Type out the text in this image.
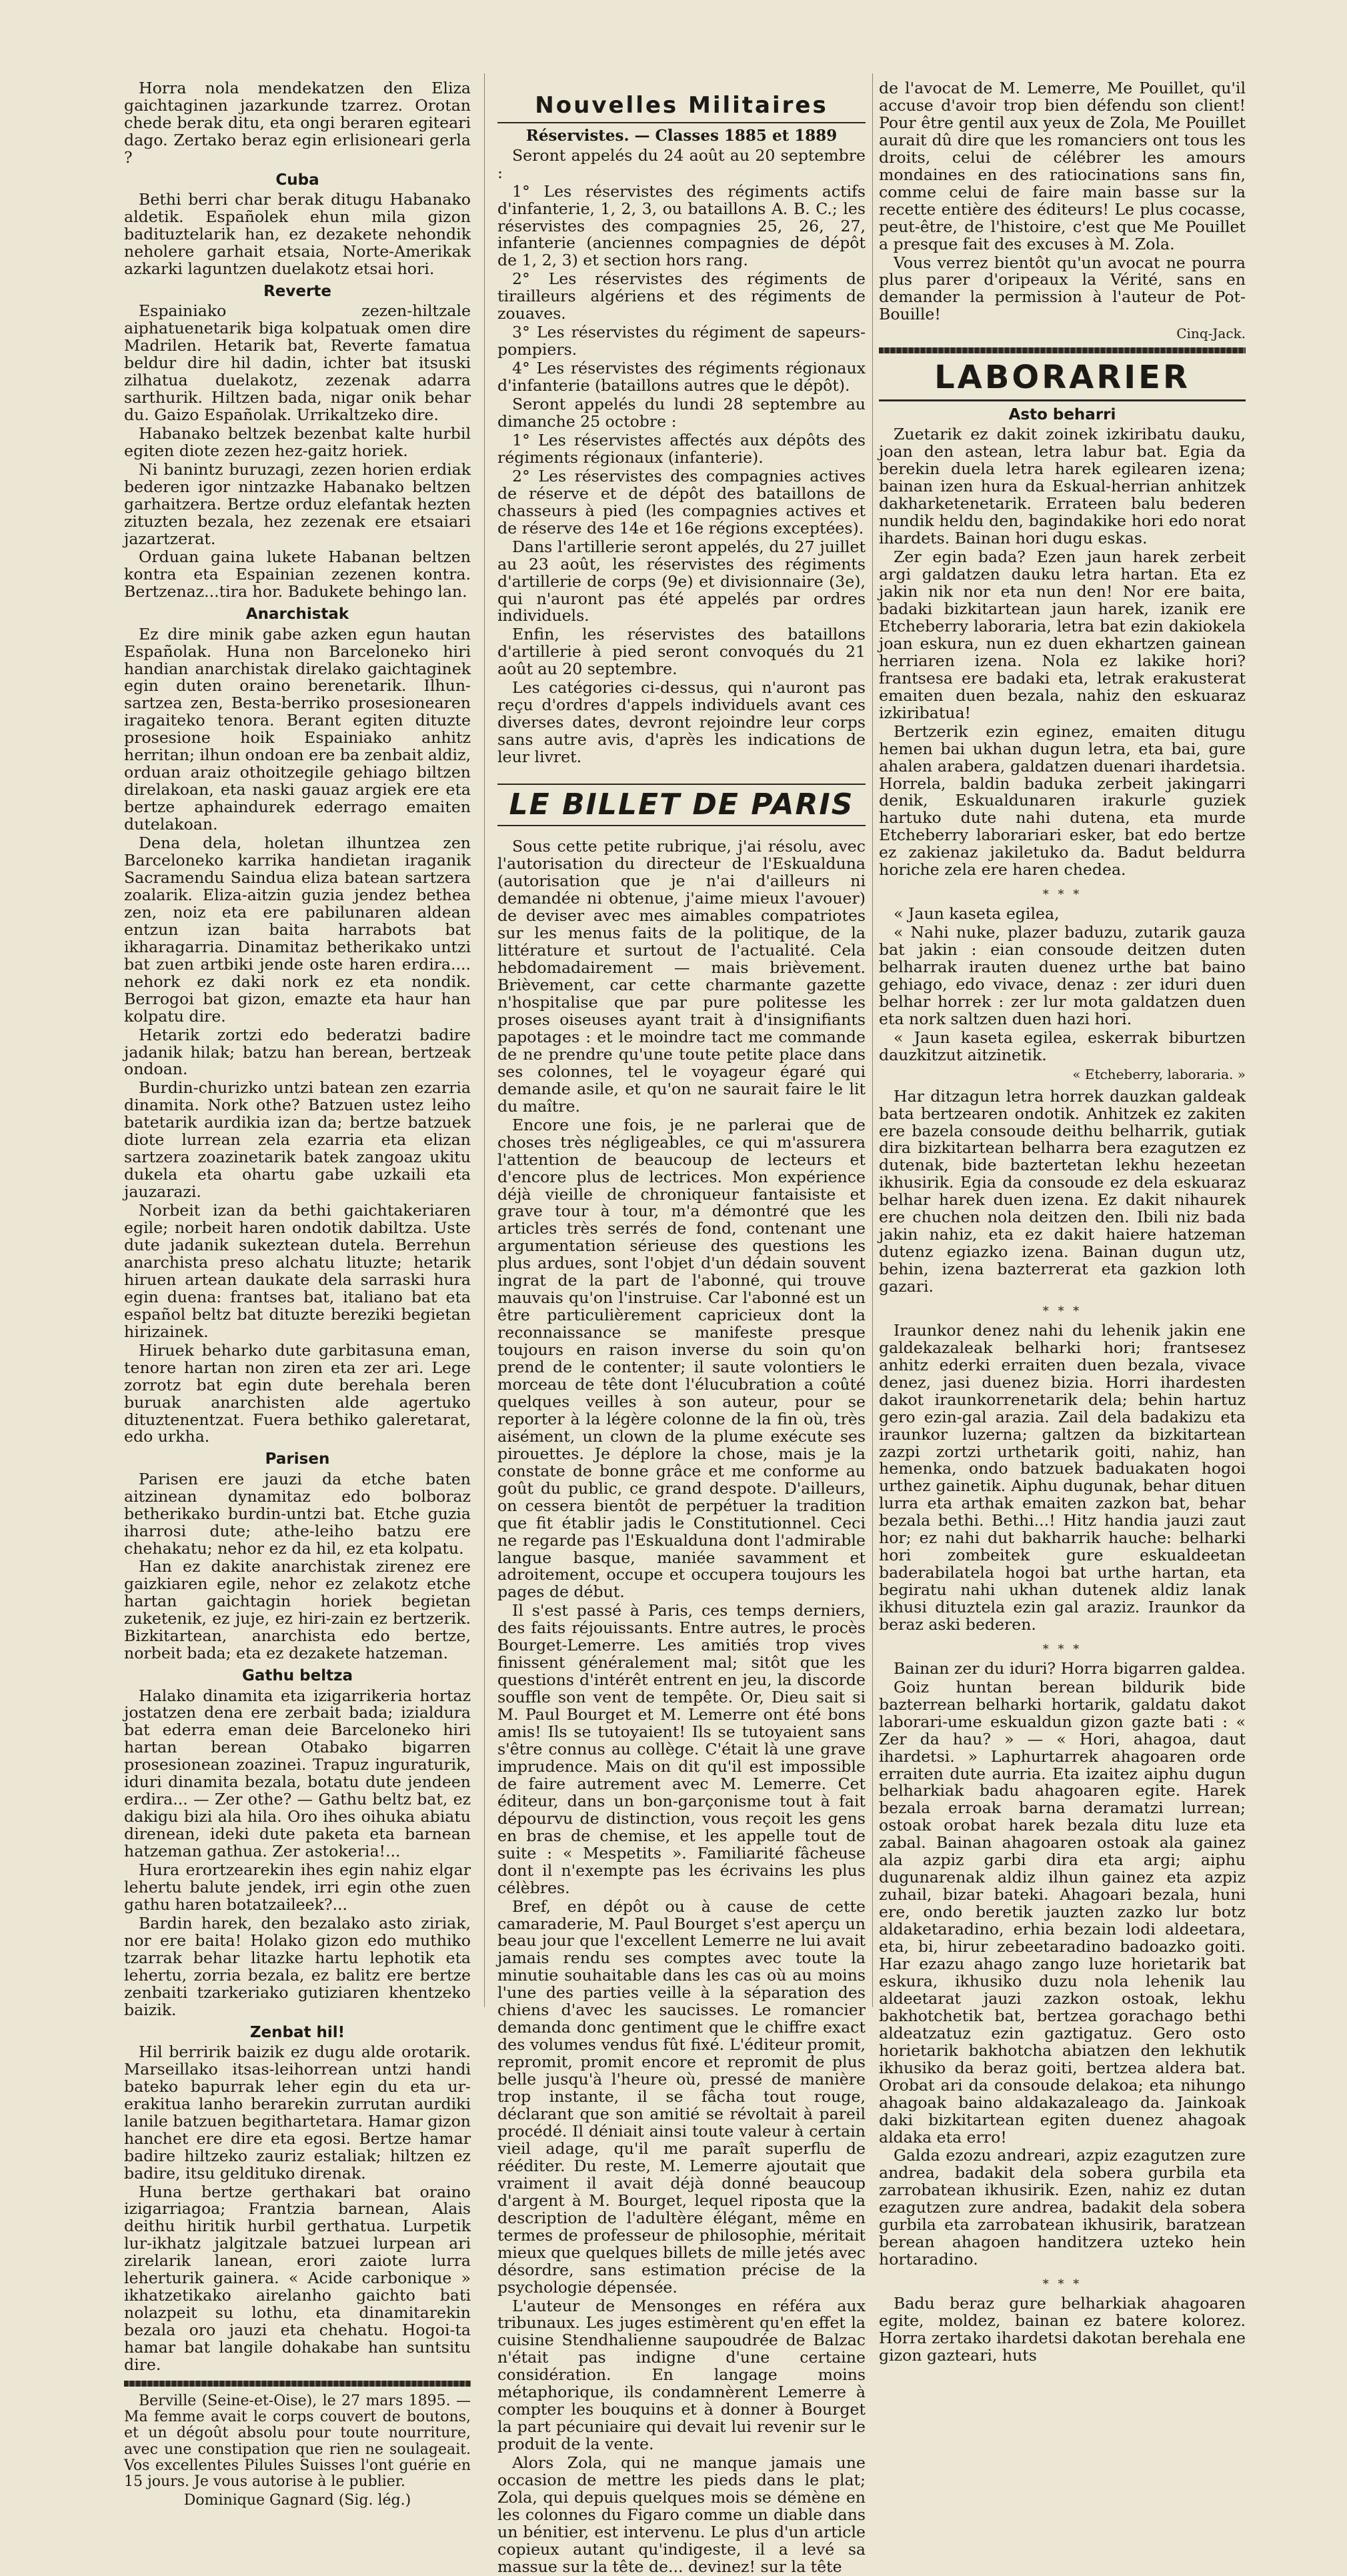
Horra nola mendekatzen den Eliza gaichtaginen jazarkunde tzarrez. Orotan chede berak ditu, eta ongi beraren egiteari dago. Zertako beraz egin erlisioneari gerla ?

Cuba

Bethi berri char berak ditugu Habanako aldetik. Españolek ehun mila gizon badituztelarik han, ez dezakete nehondik neholere garhait etsaia, Norte-Amerikak azkarki laguntzen duelakotz etsai hori.

Reverte

Espainiako zezen-hiltzale aiphatuenetarik biga kolpatuak omen dire Madrilen. Hetarik bat, Reverte famatua beldur dire hil dadin, ichter bat itsuski zilhatua duelakotz, zezenak adarra sarthurik. Hiltzen bada, nigar onik behar du. Gaizo Españolak. Urrikaltzeko dire.

Habanako beltzek bezenbat kalte hurbil egiten diote zezen hez-gaitz horiek.

Ni banintz buruzagi, zezen horien erdiak bederen igor nintzazke Habanako beltzen garhaitzera. Bertze orduz elefantak hezten zituzten bezala, hez zezenak ere etsaiari jazartzerat.

Orduan gaina lukete Habanan beltzen kontra eta Espainian zezenen kontra. Bertzenaz...tira hor. Badukete behingo lan.

Anarchistak

Ez dire minik gabe azken egun hautan Españolak. Huna non Barceloneko hiri handian anarchistak direlako gaichtaginek egin duten oraino berenetarik. Ilhun-sartzea zen, Besta-berriko prosesionearen iragaiteko tenora. Berant egiten dituzte prosesione hoik Espainiako anhitz herritan; ilhun ondoan ere ba zenbait aldiz, orduan araiz othoitzegile gehiago biltzen direlakoan, eta naski gauaz argiek ere eta bertze aphaindurek ederrago emaiten dutelakoan.

Dena dela, holetan ilhuntzea zen Barceloneko karrika handietan iraganik Sacramendu Saindua eliza batean sartzera zoalarik. Eliza-aitzin guzia jendez bethea zen, noiz eta ere pabilunaren aldean entzun izan baita harrabots bat ikharagarria. Dinamitaz betherikako untzi bat zuen artbiki jende oste haren erdira.... nehork ez daki nork ez eta nondik. Berrogoi bat gizon, emazte eta haur han kolpatu dire.

Hetarik zortzi edo bederatzi badire jadanik hilak; batzu han berean, bertzeak ondoan.

Burdin-churizko untzi batean zen ezarria dinamita. Nork othe? Batzuen ustez leiho batetarik aurdikia izan da; bertze batzuek diote lurrean zela ezarria eta elizan sartzera zoazinetarik batek zangoaz ukitu dukela eta ohartu gabe uzkaili eta jauzarazi.

Norbeit izan da bethi gaichtakeriaren egile; norbeit haren ondotik dabiltza. Uste dute jadanik sukeztean dutela. Berrehun anarchista preso alchatu lituzte; hetarik hiruen artean daukate dela sarraski hura egin duena: frantses bat, italiano bat eta español beltz bat dituzte bereziki begietan hirizainek.

Hiruek beharko dute garbitasuna eman, tenore hartan non ziren eta zer ari. Lege zorrotz bat egin dute berehala beren buruak anarchisten alde agertuko dituztenentzat. Fuera bethiko galeretarat, edo urkha.

Parisen

Parisen ere jauzi da etche baten aitzinean dynamitaz edo bolboraz betherikako burdin-untzi bat. Etche guzia iharrosi dute; athe-leiho batzu ere chehakatu; nehor ez da hil, ez eta kolpatu.

Han ez dakite anarchistak zirenez ere gaizkiaren egile, nehor ez zelakotz etche hartan gaichtagin horiek begietan zuketenik, ez juje, ez hiri-zain ez bertzerik. Bizkitartean, anarchista edo bertze, norbeit bada; eta ez dezakete hatzeman.

Gathu beltza

Halako dinamita eta izigarrikeria hortaz jostatzen dena ere zerbait bada; izialdura bat ederra eman deie Barceloneko hiri hartan berean Otabako bigarren prosesionean zoazinei. Trapuz inguraturik, iduri dinamita bezala, botatu dute jendeen erdira... — Zer othe? — Gathu beltz bat, ez dakigu bizi ala hila. Oro ihes oihuka abiatu direnean, ideki dute paketa eta barnean hatzeman gathua. Zer astokeria!...

Hura erortzearekin ihes egin nahiz elgar lehertu balute jendek, irri egin othe zuen gathu haren botatzaileek?...

Bardin harek, den bezalako asto ziriak, nor ere baita! Holako gizon edo muthiko tzarrak behar litazke hartu lephotik eta lehertu, zorria bezala, ez balitz ere bertze zenbaiti tzarkeriako gutiziaren khentzeko baizik.

Zenbat hil!

Hil berririk baizik ez dugu alde orotarik. Marseillako itsas-leihorrean untzi handi bateko bapurrak leher egin du eta ur-erakitua lanho berarekin zurrutan aurdiki lanile batzuen begithartetara. Hamar gizon hanchet ere dire eta egosi. Bertze hamar badire hiltzeko zauriz estaliak; hiltzen ez badire, itsu geldituko direnak.

Huna bertze gerthakari bat oraino izigarriagoa; Frantzia barnean, Alais deithu hiritik hurbil gerthatua. Lurpetik lur-ikhatz jalgitzale batzuei lurpean ari zirelarik lanean, erori zaiote lurra leherturik gainera. « Acide carbonique » ikhatzetikako airelanho gaichto bati nolazpeit su lothu, eta dinamitarekin bezala oro jauzi eta chehatu. Hogoi-ta hamar bat langile dohakabe han suntsitu dire.

Berville (Seine-et-Oise), le 27 mars 1895. — Ma femme avait le corps couvert de boutons, et un dégoût absolu pour toute nourriture, avec une constipation que rien ne soulageait. Vos excellentes Pilules Suisses l'ont guérie en 15 jours. Je vous autorise à le publier.

Dominique Gagnard (Sig. lég.)
Nouvelles Militaires
Réservistes. — Classes 1885 et 1889

Seront appelés du 24 août au 20 septembre :

1° Les réservistes des régiments actifs d'infanterie, 1, 2, 3, ou bataillons A. B. C.; les réservistes des compagnies 25, 26, 27, infanterie (anciennes compagnies de dépôt de 1, 2, 3) et section hors rang.

2° Les réservistes des régiments de tirailleurs algériens et des régiments de zouaves.

3° Les réservistes du régiment de sapeurs-pompiers.

4° Les réservistes des régiments régionaux d'infanterie (bataillons autres que le dépôt).

Seront appelés du lundi 28 septembre au dimanche 25 octobre :

1° Les réservistes affectés aux dépôts des régiments régionaux (infanterie).

2° Les réservistes des compagnies actives de réserve et de dépôt des bataillons de chasseurs à pied (les compagnies actives et de réserve des 14e et 16e régions exceptées).

Dans l'artillerie seront appelés, du 27 juillet au 23 août, les réservistes des régiments d'artillerie de corps (9e) et divisionnaire (3e), qui n'auront pas été appelés par ordres individuels.

Enfin, les réservistes des bataillons d'artillerie à pied seront convoqués du 21 août au 20 septembre.

Les catégories ci-dessus, qui n'auront pas reçu d'ordres d'appels individuels avant ces diverses dates, devront rejoindre leur corps sans autre avis, d'après les indications de leur livret.

LE BILLET DE PARIS

Sous cette petite rubrique, j'ai résolu, avec l'autorisation du directeur de l'Eskualduna (autorisation que je n'ai d'ailleurs ni demandée ni obtenue, j'aime mieux l'avouer) de deviser avec mes aimables compatriotes sur les menus faits de la politique, de la littérature et surtout de l'actualité. Cela hebdomadairement — mais brièvement. Brièvement, car cette charmante gazette n'hospitalise que par pure politesse les proses oiseuses ayant trait à d'insignifiants papotages : et le moindre tact me commande de ne prendre qu'une toute petite place dans ses colonnes, tel le voyageur égaré qui demande asile, et qu'on ne saurait faire le lit du maître.

Encore une fois, je ne parlerai que de choses très négligeables, ce qui m'assurera l'attention de beaucoup de lecteurs et d'encore plus de lectrices. Mon expérience déjà vieille de chroniqueur fantaisiste et grave tour à tour, m'a démontré que les articles très serrés de fond, contenant une argumentation sérieuse des questions les plus ardues, sont l'objet d'un dédain souvent ingrat de la part de l'abonné, qui trouve mauvais qu'on l'instruise. Car l'abonné est un être particulièrement capricieux dont la reconnaissance se manifeste presque toujours en raison inverse du soin qu'on prend de le contenter; il saute volontiers le morceau de tête dont l'élucubration a coûté quelques veilles à son auteur, pour se reporter à la légère colonne de la fin où, très aisément, un clown de la plume exécute ses pirouettes. Je déplore la chose, mais je la constate de bonne grâce et me conforme au goût du public, ce grand despote. D'ailleurs, on cessera bientôt de perpétuer la tradition que fit établir jadis le Constitutionnel. Ceci ne regarde pas l'Eskualduna dont l'admirable langue basque, maniée savamment et adroitement, occupe et occupera toujours les pages de début.

Il s'est passé à Paris, ces temps derniers, des faits réjouissants. Entre autres, le procès Bourget-Lemerre. Les amitiés trop vives finissent généralement mal; sitôt que les questions d'intérêt entrent en jeu, la discorde souffle son vent de tempête. Or, Dieu sait si M. Paul Bourget et M. Lemerre ont été bons amis! Ils se tutoyaient! Ils se tutoyaient sans s'être connus au collège. C'était là une grave imprudence. Mais on dit qu'il est impossible de faire autrement avec M. Lemerre. Cet éditeur, dans un bon-garçonisme tout à fait dépourvu de distinction, vous reçoit les gens en bras de chemise, et les appelle tout de suite : « Mespetits ». Familiarité fâcheuse dont il n'exempte pas les écrivains les plus célèbres.

Bref, en dépôt ou à cause de cette camaraderie, M. Paul Bourget s'est aperçu un beau jour que l'excellent Lemerre ne lui avait jamais rendu ses comptes avec toute la minutie souhaitable dans les cas où au moins l'une des parties veille à la séparation des chiens d'avec les saucisses. Le romancier demanda donc gentiment que le chiffre exact des volumes vendus fût fixé. L'éditeur promit, repromit, promit encore et repromit de plus belle jusqu'à l'heure où, pressé de manière trop instante, il se fâcha tout rouge, déclarant que son amitié se révoltait à pareil procédé. Il déniait ainsi toute valeur à certain vieil adage, qu'il me paraît superflu de rééditer. Du reste, M. Lemerre ajoutait que vraiment il avait déjà donné beaucoup d'argent à M. Bourget, lequel riposta que la description de l'adultère élégant, même en termes de professeur de philosophie, méritait mieux que quelques billets de mille jetés avec désordre, sans estimation précise de la psychologie dépensée.

L'auteur de Mensonges en référa aux tribunaux. Les juges estimèrent qu'en effet la cuisine Stendhalienne saupoudrée de Balzac n'était pas indigne d'une certaine considération. En langage moins métaphorique, ils condamnèrent Lemerre à compter les bouquins et à donner à Bourget la part pécuniaire qui devait lui revenir sur le produit de la vente.

Alors Zola, qui ne manque jamais une occasion de mettre les pieds dans le plat; Zola, qui depuis quelques mois se démène en les colonnes du Figaro comme un diable dans un bénitier, est intervenu. Le plus d'un article copieux autant qu'indigeste, il a levé sa massue sur la tête de... devinez! sur la tête

de l'avocat de M. Lemerre, Me Pouillet, qu'il accuse d'avoir trop bien défendu son client! Pour être gentil aux yeux de Zola, Me Pouillet aurait dû dire que les romanciers ont tous les droits, celui de célébrer les amours mondaines en des ratiocinations sans fin, comme celui de faire main basse sur la recette entière des éditeurs! Le plus cocasse, peut-être, de l'histoire, c'est que Me Pouillet a presque fait des excuses à M. Zola.

Vous verrez bientôt qu'un avocat ne pourra plus parer d'oripeaux la Vérité, sans en demander la permission à l'auteur de Pot-Bouille!

Cinq-Jack.
LABORARIER
Asto beharri

Zuetarik ez dakit zoinek izkiribatu dauku, joan den astean, letra labur bat. Egia da berekin duela letra harek egilearen izena; bainan izen hura da Eskual-herrian anhitzek dakharketenetarik. Errateen balu bederen nundik heldu den, bagindakike hori edo norat ihardets. Bainan hori dugu eskas.

Zer egin bada? Ezen jaun harek zerbeit argi galdatzen dauku letra hartan. Eta ez jakin nik nor eta nun den! Nor ere baita, badaki bizkitartean jaun harek, izanik ere Etcheberry laboraria, letra bat ezin dakiokela joan eskura, nun ez duen ekhartzen gainean herriaren izena. Nola ez lakike hori? frantsesa ere badaki eta, letrak erakusterat emaiten duen bezala, nahiz den eskuaraz izkiribatua!

Bertzerik ezin eginez, emaiten ditugu hemen bai ukhan dugun letra, eta bai, gure ahalen arabera, galdatzen duenari ihardetsia. Horrela, baldin baduka zerbeit jakingarri denik, Eskualdunaren irakurle guziek hartuko dute nahi dutena, eta murde Etcheberry laborariari esker, bat edo bertze ez zakienaz jakiletuko da. Badut beldurra horiche zela ere haren chedea.

* * *

« Jaun kaseta egilea,

« Nahi nuke, plazer baduzu, zutarik gauza bat jakin : eian consoude deitzen duten belharrak irauten duenez urthe bat baino gehiago, edo vivace, denaz : zer iduri duen belhar horrek : zer lur mota galdatzen duen eta nork saltzen duen hazi hori.

« Jaun kaseta egilea, eskerrak biburtzen dauzkitzut aitzinetik.

« Etcheberry, laboraria. »

Har ditzagun letra horrek dauzkan galdeak bata bertzearen ondotik. Anhitzek ez zakiten ere bazela consoude deithu belharrik, gutiak dira bizkitartean belharra bera ezagutzen ez dutenak, bide baztertetan lekhu hezeetan ikhusirik. Egia da consoude ez dela eskuaraz belhar harek duen izena. Ez dakit nihaurek ere chuchen nola deitzen den. Ibili niz bada jakin nahiz, eta ez dakit haiere hatzeman dutenz egiazko izena. Bainan dugun utz, behin, izena bazterrerat eta gazkion loth gazari.

* * *

Iraunkor denez nahi du lehenik jakin ene galdekazaleak belharki hori; frantsesez anhitz ederki erraiten duen bezala, vivace denez, jasi duenez bizia. Horri ihardesten dakot iraunkorrenetarik dela; behin hartuz gero ezin-gal arazia. Zail dela badakizu eta iraunkor luzerna; galtzen da bizkitartean zazpi zortzi urthetarik goiti, nahiz, han hemenka, ondo batzuek baduakaten hogoi urthez gainetik. Aiphu dugunak, behar dituen lurra eta arthak emaiten zazkon bat, behar bezala bethi. Bethi...! Hitz handia jauzi zaut hor; ez nahi dut bakharrik hauche: belharki hori zombeitek gure eskualdeetan baderabilatela hogoi bat urthe hartan, eta begiratu nahi ukhan dutenek aldiz lanak ikhusi dituztela ezin gal araziz. Iraunkor da beraz aski bederen.

* * *

Bainan zer du iduri? Horra bigarren galdea.

Goiz huntan berean bildurik bide bazterrean belharki hortarik, galdatu dakot laborari-ume eskualdun gizon gazte bati : « Zer da hau? » — « Hori, ahagoa, daut ihardetsi. » Laphurtarrek ahagoaren orde erraiten dute aurria. Eta izaitez aiphu dugun belharkiak badu ahagoaren egite. Harek bezala erroak barna deramatzi lurrean; ostoak orobat harek bezala ditu luze eta zabal. Bainan ahagoaren ostoak ala gainez ala azpiz garbi dira eta argi; aiphu dugunarenak aldiz ilhun gainez eta azpiz zuhail, bizar bateki. Ahagoari bezala, huni ere, ondo beretik jauzten zazko lur botz aldaketaradino, erhia bezain lodi aldeetara, eta, bi, hirur zebeetaradino badoazko goiti. Har ezazu ahago zango luze horietarik bat eskura, ikhusiko duzu nola lehenik lau aldeetarat jauzi zazkon ostoak, lekhu bakhotchetik bat, bertzea gorachago bethi aldeatzatuz ezin gaztigatuz. Gero osto horietarik bakhotcha abiatzen den lekhutik ikhusiko da beraz goiti, bertzea aldera bat. Orobat ari da consoude delakoa; eta nihungo ahagoak baino aldakazaleago da. Jainkoak daki bizkitartean egiten duenez ahagoak aldaka eta erro!

Galda ezozu andreari, azpiz ezagutzen zure andrea, badakit dela sobera gurbila eta zarrobatean ikhusirik. Ezen, nahiz ez dutan ezagutzen zure andrea, badakit dela sobera gurbila eta zarrobatean ikhusirik, baratzean berean ahagoen handitzera uzteko hein hortaradino.

* * *

Badu beraz gure belharkiak ahagoaren egite, moldez, bainan ez batere kolorez. Horra zertako ihardetsi dakotan berehala ene gizon gazteari, huts
